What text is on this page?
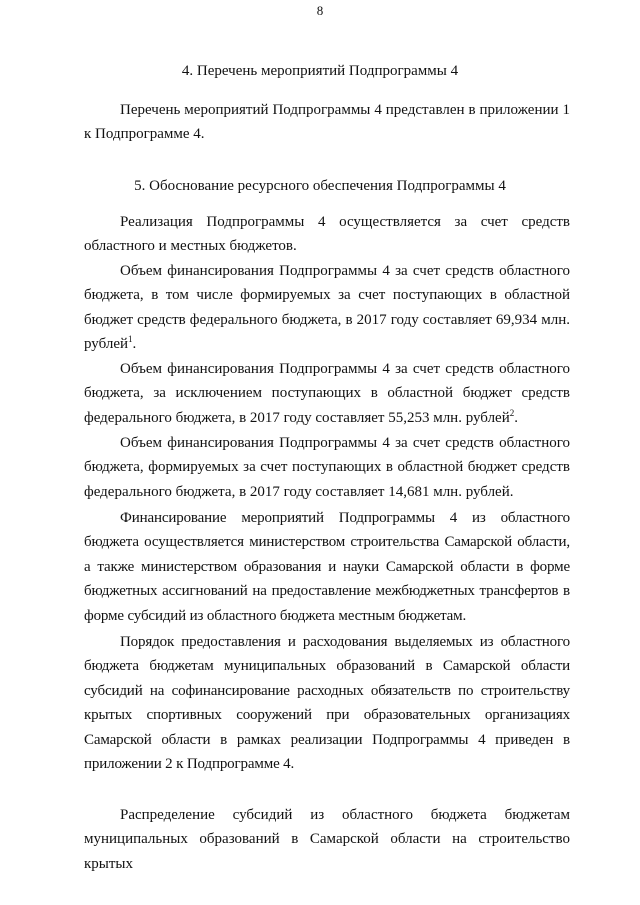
8
4. Перечень мероприятий Подпрограммы 4

Перечень мероприятий Подпрограммы 4 представлен в приложении 1 к Подпрограмме 4.

5. Обоснование ресурсного обеспечения Подпрограммы 4

Реализация Подпрограммы 4 осуществляется за счет средств областного и местных бюджетов.

Объем финансирования Подпрограммы 4 за счет средств областного бюджета, в том числе формируемых за счет поступающих в областной бюджет средств федерального бюджета, в 2017 году составляет 69,934 млн. рублей$^1$.

Объем финансирования Подпрограммы 4 за счет средств областного бюджета, за исключением поступающих в областной бюджет средств федерального бюджета, в 2017 году составляет 55,253 млн. рублей$^2$.

Объем финансирования Подпрограммы 4 за счет средств областного бюджета, формируемых за счет поступающих в областной бюджет средств федерального бюджета, в 2017 году составляет 14,681 млн. рублей.

Финансирование мероприятий Подпрограммы 4 из областного бюджета осуществляется министерством строительства Самарской области, а также министерством образования и науки Самарской области в форме бюджетных ассигнований на предоставление межбюджетных трансфертов в форме субсидий из областного бюджета местным бюджетам.

Порядок предоставления и расходования выделяемых из областного бюджета бюджетам муниципальных образований в Самарской области субсидий на софинансирование расходных обязательств по строительству крытых спортивных сооружений при образовательных организациях Самарской области в рамках реализации Подпрограммы 4 приведен в приложении 2 к Подпрограмме 4.

Распределение субсидий из областного бюджета бюджетам муниципальных образований в Самарской области на строительство крытых
